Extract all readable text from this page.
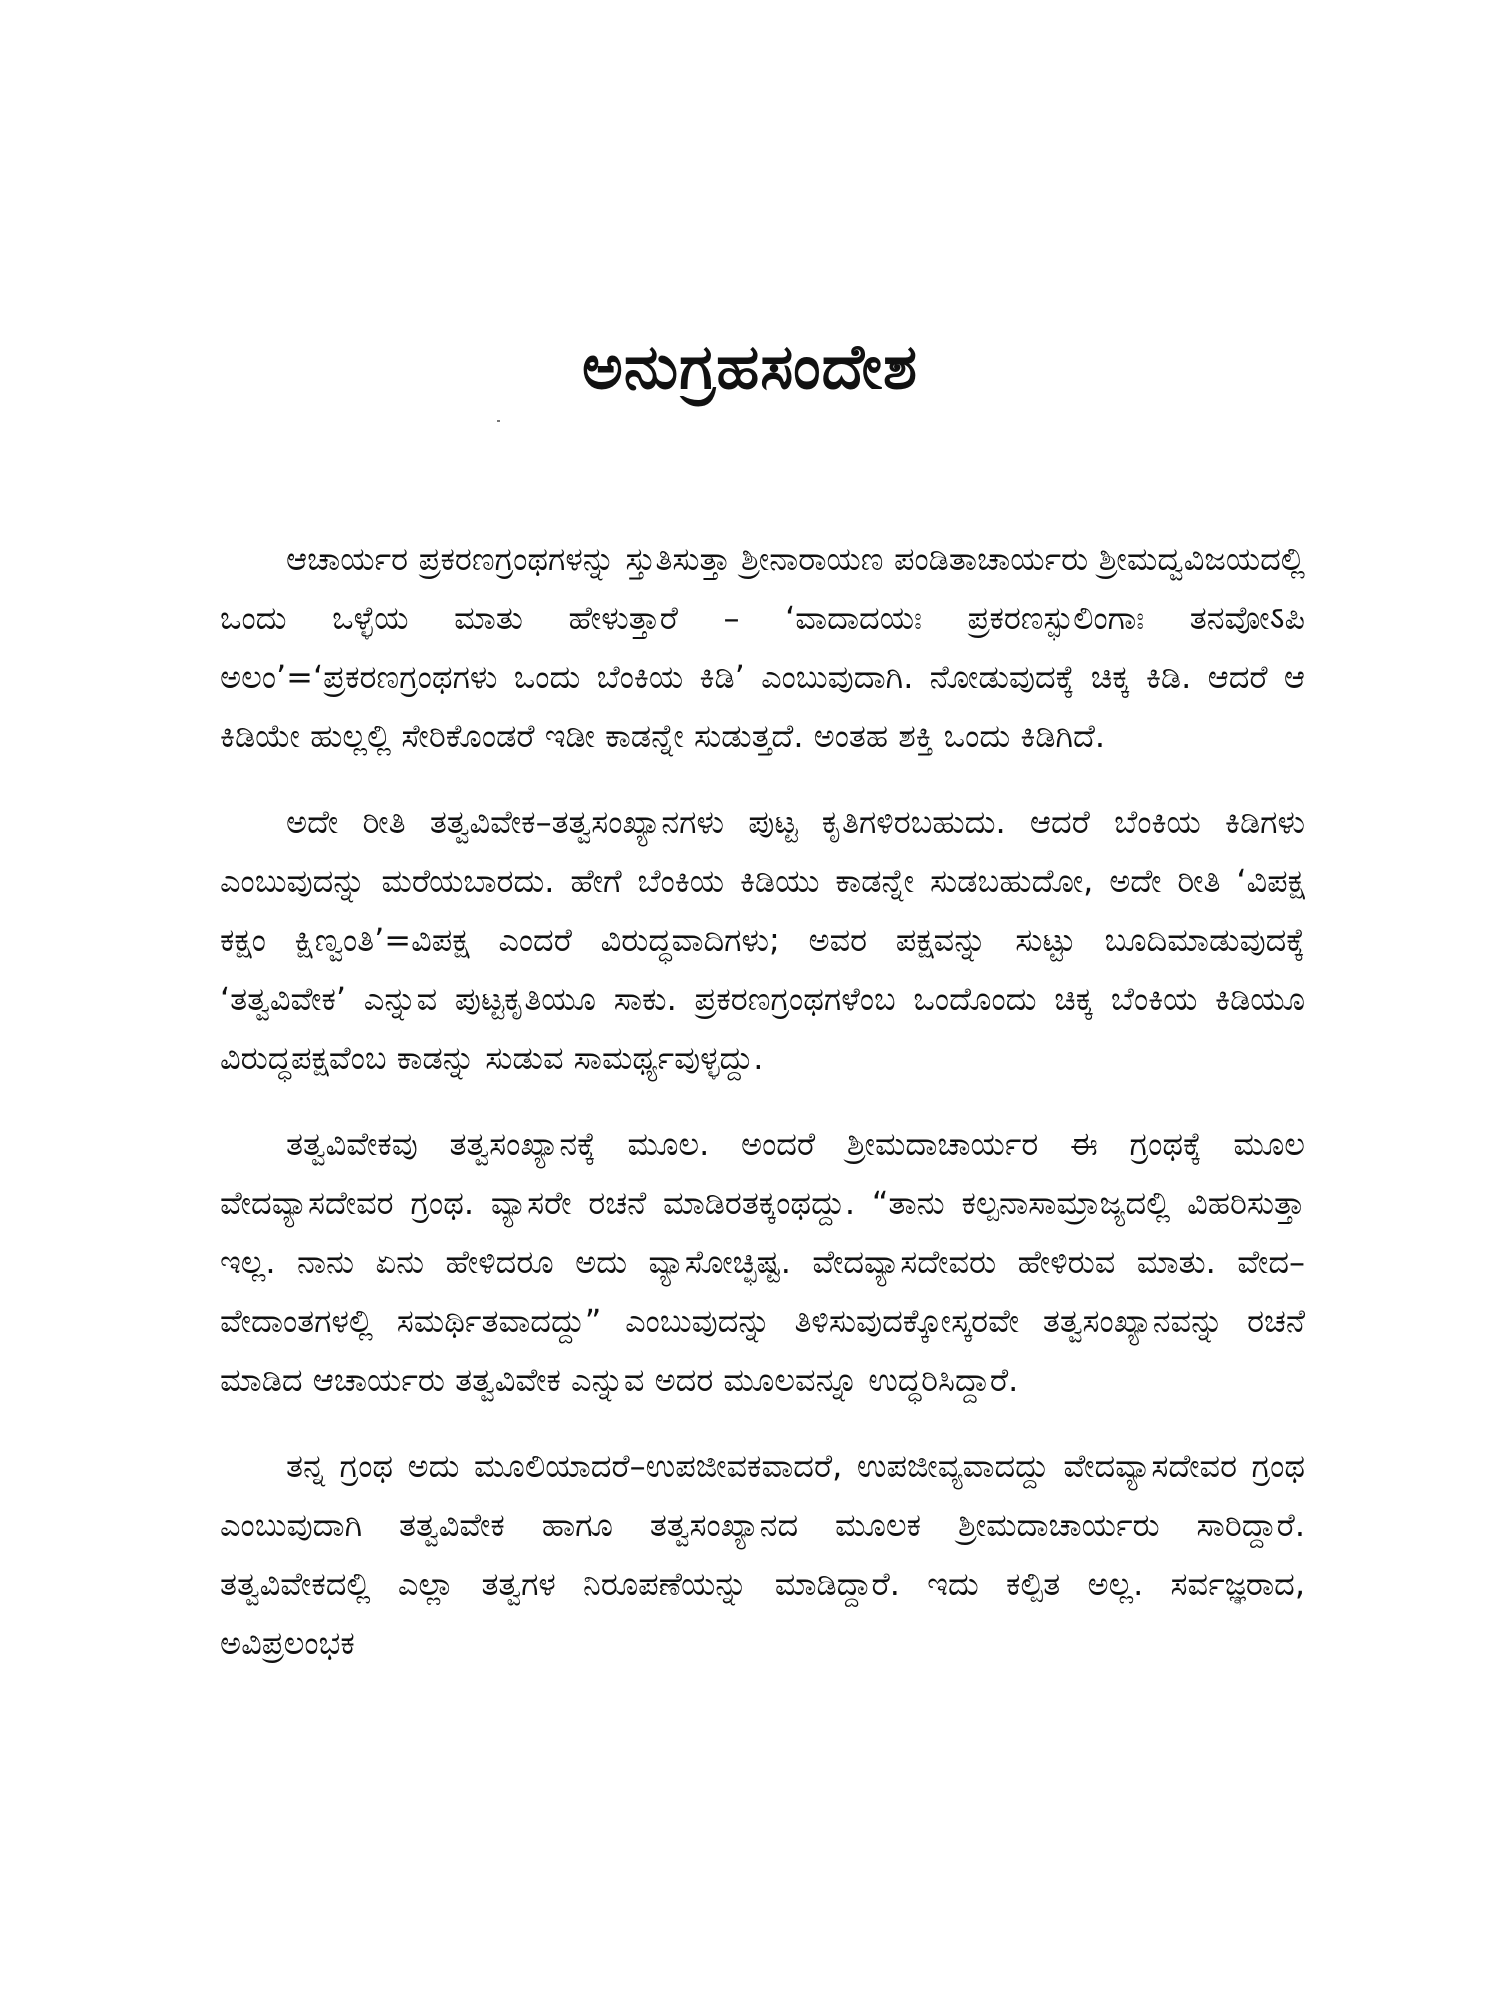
ಅನುಗ್ರಹಸಂದೇಶ

ಆಚಾರ್ಯರ ಪ್ರಕರಣಗ್ರಂಥಗಳನ್ನು ಸ್ತುತಿಸುತ್ತಾ ಶ್ರೀನಾರಾಯಣ ಪಂಡಿತಾಚಾರ್ಯರು ಶ್ರೀಮದ್ವವಿಜಯದಲ್ಲಿ ಒಂದು ಒಳ್ಳೆಯ ಮಾತು ಹೇಳುತ್ತಾರೆ – ‘ವಾದಾದಯಃ ಪ್ರಕರಣಸ್ಫುಲಿಂಗಾಃ ತನವೋऽಪಿ ಅಲಂ’=‘ಪ್ರಕರಣಗ್ರಂಥಗಳು ಒಂದು ಬೆಂಕಿಯ ಕಿಡಿ’ ಎಂಬುವುದಾಗಿ. ನೋಡುವುದಕ್ಕೆ ಚಿಕ್ಕ ಕಿಡಿ. ಆದರೆ ಆ ಕಿಡಿಯೇ ಹುಲ್ಲಲ್ಲಿ ಸೇರಿಕೊಂಡರೆ ಇಡೀ ಕಾಡನ್ನೇ ಸುಡುತ್ತದೆ. ಅಂತಹ ಶಕ್ತಿ ಒಂದು ಕಿಡಿಗಿದೆ.

ಅದೇ ರೀತಿ ತತ್ವವಿವೇಕ–ತತ್ವಸಂಖ್ಯಾನಗಳು ಪುಟ್ಟ ಕೃತಿಗಳಿರಬಹುದು. ಆದರೆ ಬೆಂಕಿಯ ಕಿಡಿಗಳು ಎಂಬುವುದನ್ನು ಮರೆಯಬಾರದು. ಹೇಗೆ ಬೆಂಕಿಯ ಕಿಡಿಯು ಕಾಡನ್ನೇ ಸುಡಬಹುದೋ, ಅದೇ ರೀತಿ ‘ವಿಪಕ್ಷ ಕಕ್ಷಂ ಕ್ಷಿಣ್ವಂತಿ’=ವಿಪಕ್ಷ ಎಂದರೆ ವಿರುದ್ಧವಾದಿಗಳು; ಅವರ ಪಕ್ಷವನ್ನು ಸುಟ್ಟು ಬೂದಿಮಾಡುವುದಕ್ಕೆ ‘ತತ್ವವಿವೇಕ’ ಎನ್ನುವ ಪುಟ್ಟಕೃತಿಯೂ ಸಾಕು. ಪ್ರಕರಣಗ್ರಂಥಗಳೆಂಬ ಒಂದೊಂದು ಚಿಕ್ಕ ಬೆಂಕಿಯ ಕಿಡಿಯೂ ವಿರುದ್ಧಪಕ್ಷವೆಂಬ ಕಾಡನ್ನು ಸುಡುವ ಸಾಮರ್ಥ್ಯವುಳ್ಳದ್ದು.

ತತ್ವವಿವೇಕವು ತತ್ವಸಂಖ್ಯಾನಕ್ಕೆ ಮೂಲ. ಅಂದರೆ ಶ್ರೀಮದಾಚಾರ್ಯರ ಈ ಗ್ರಂಥಕ್ಕೆ ಮೂಲ ವೇದವ್ಯಾಸದೇವರ ಗ್ರಂಥ. ವ್ಯಾಸರೇ ರಚನೆ ಮಾಡಿರತಕ್ಕಂಥದ್ದು. “ತಾನು ಕಲ್ಪನಾಸಾಮ್ರಾಜ್ಯದಲ್ಲಿ ವಿಹರಿಸುತ್ತಾ ಇಲ್ಲ. ನಾನು ಏನು ಹೇಳಿದರೂ ಅದು ವ್ಯಾಸೋಚ್ಛಿಷ್ಟ. ವೇದವ್ಯಾಸದೇವರು ಹೇಳಿರುವ ಮಾತು. ವೇದ–ವೇದಾಂತಗಳಲ್ಲಿ ಸಮರ್ಥಿತವಾದದ್ದು” ಎಂಬುವುದನ್ನು ತಿಳಿಸುವುದಕ್ಕೋಸ್ಕರವೇ ತತ್ವಸಂಖ್ಯಾನವನ್ನು ರಚನೆ ಮಾಡಿದ ಆಚಾರ್ಯರು ತತ್ವವಿವೇಕ ಎನ್ನುವ ಅದರ ಮೂಲವನ್ನೂ ಉದ್ಧರಿಸಿದ್ದಾರೆ.

ತನ್ನ ಗ್ರಂಥ ಅದು ಮೂಲಿಯಾದರೆ–ಉಪಜೀವಕವಾದರೆ, ಉಪಜೀವ್ಯವಾದದ್ದು ವೇದವ್ಯಾಸದೇವರ ಗ್ರಂಥ ಎಂಬುವುದಾಗಿ ತತ್ವವಿವೇಕ ಹಾಗೂ ತತ್ವಸಂಖ್ಯಾನದ ಮೂಲಕ ಶ್ರೀಮದಾಚಾರ್ಯರು ಸಾರಿದ್ದಾರೆ. ತತ್ವವಿವೇಕದಲ್ಲಿ ಎಲ್ಲಾ ತತ್ವಗಳ ನಿರೂಪಣೆಯನ್ನು ಮಾಡಿದ್ದಾರೆ. ಇದು ಕಲ್ಪಿತ ಅಲ್ಲ. ಸರ್ವಜ್ಞರಾದ, ಅವಿಪ್ರಲಂಭಕ
